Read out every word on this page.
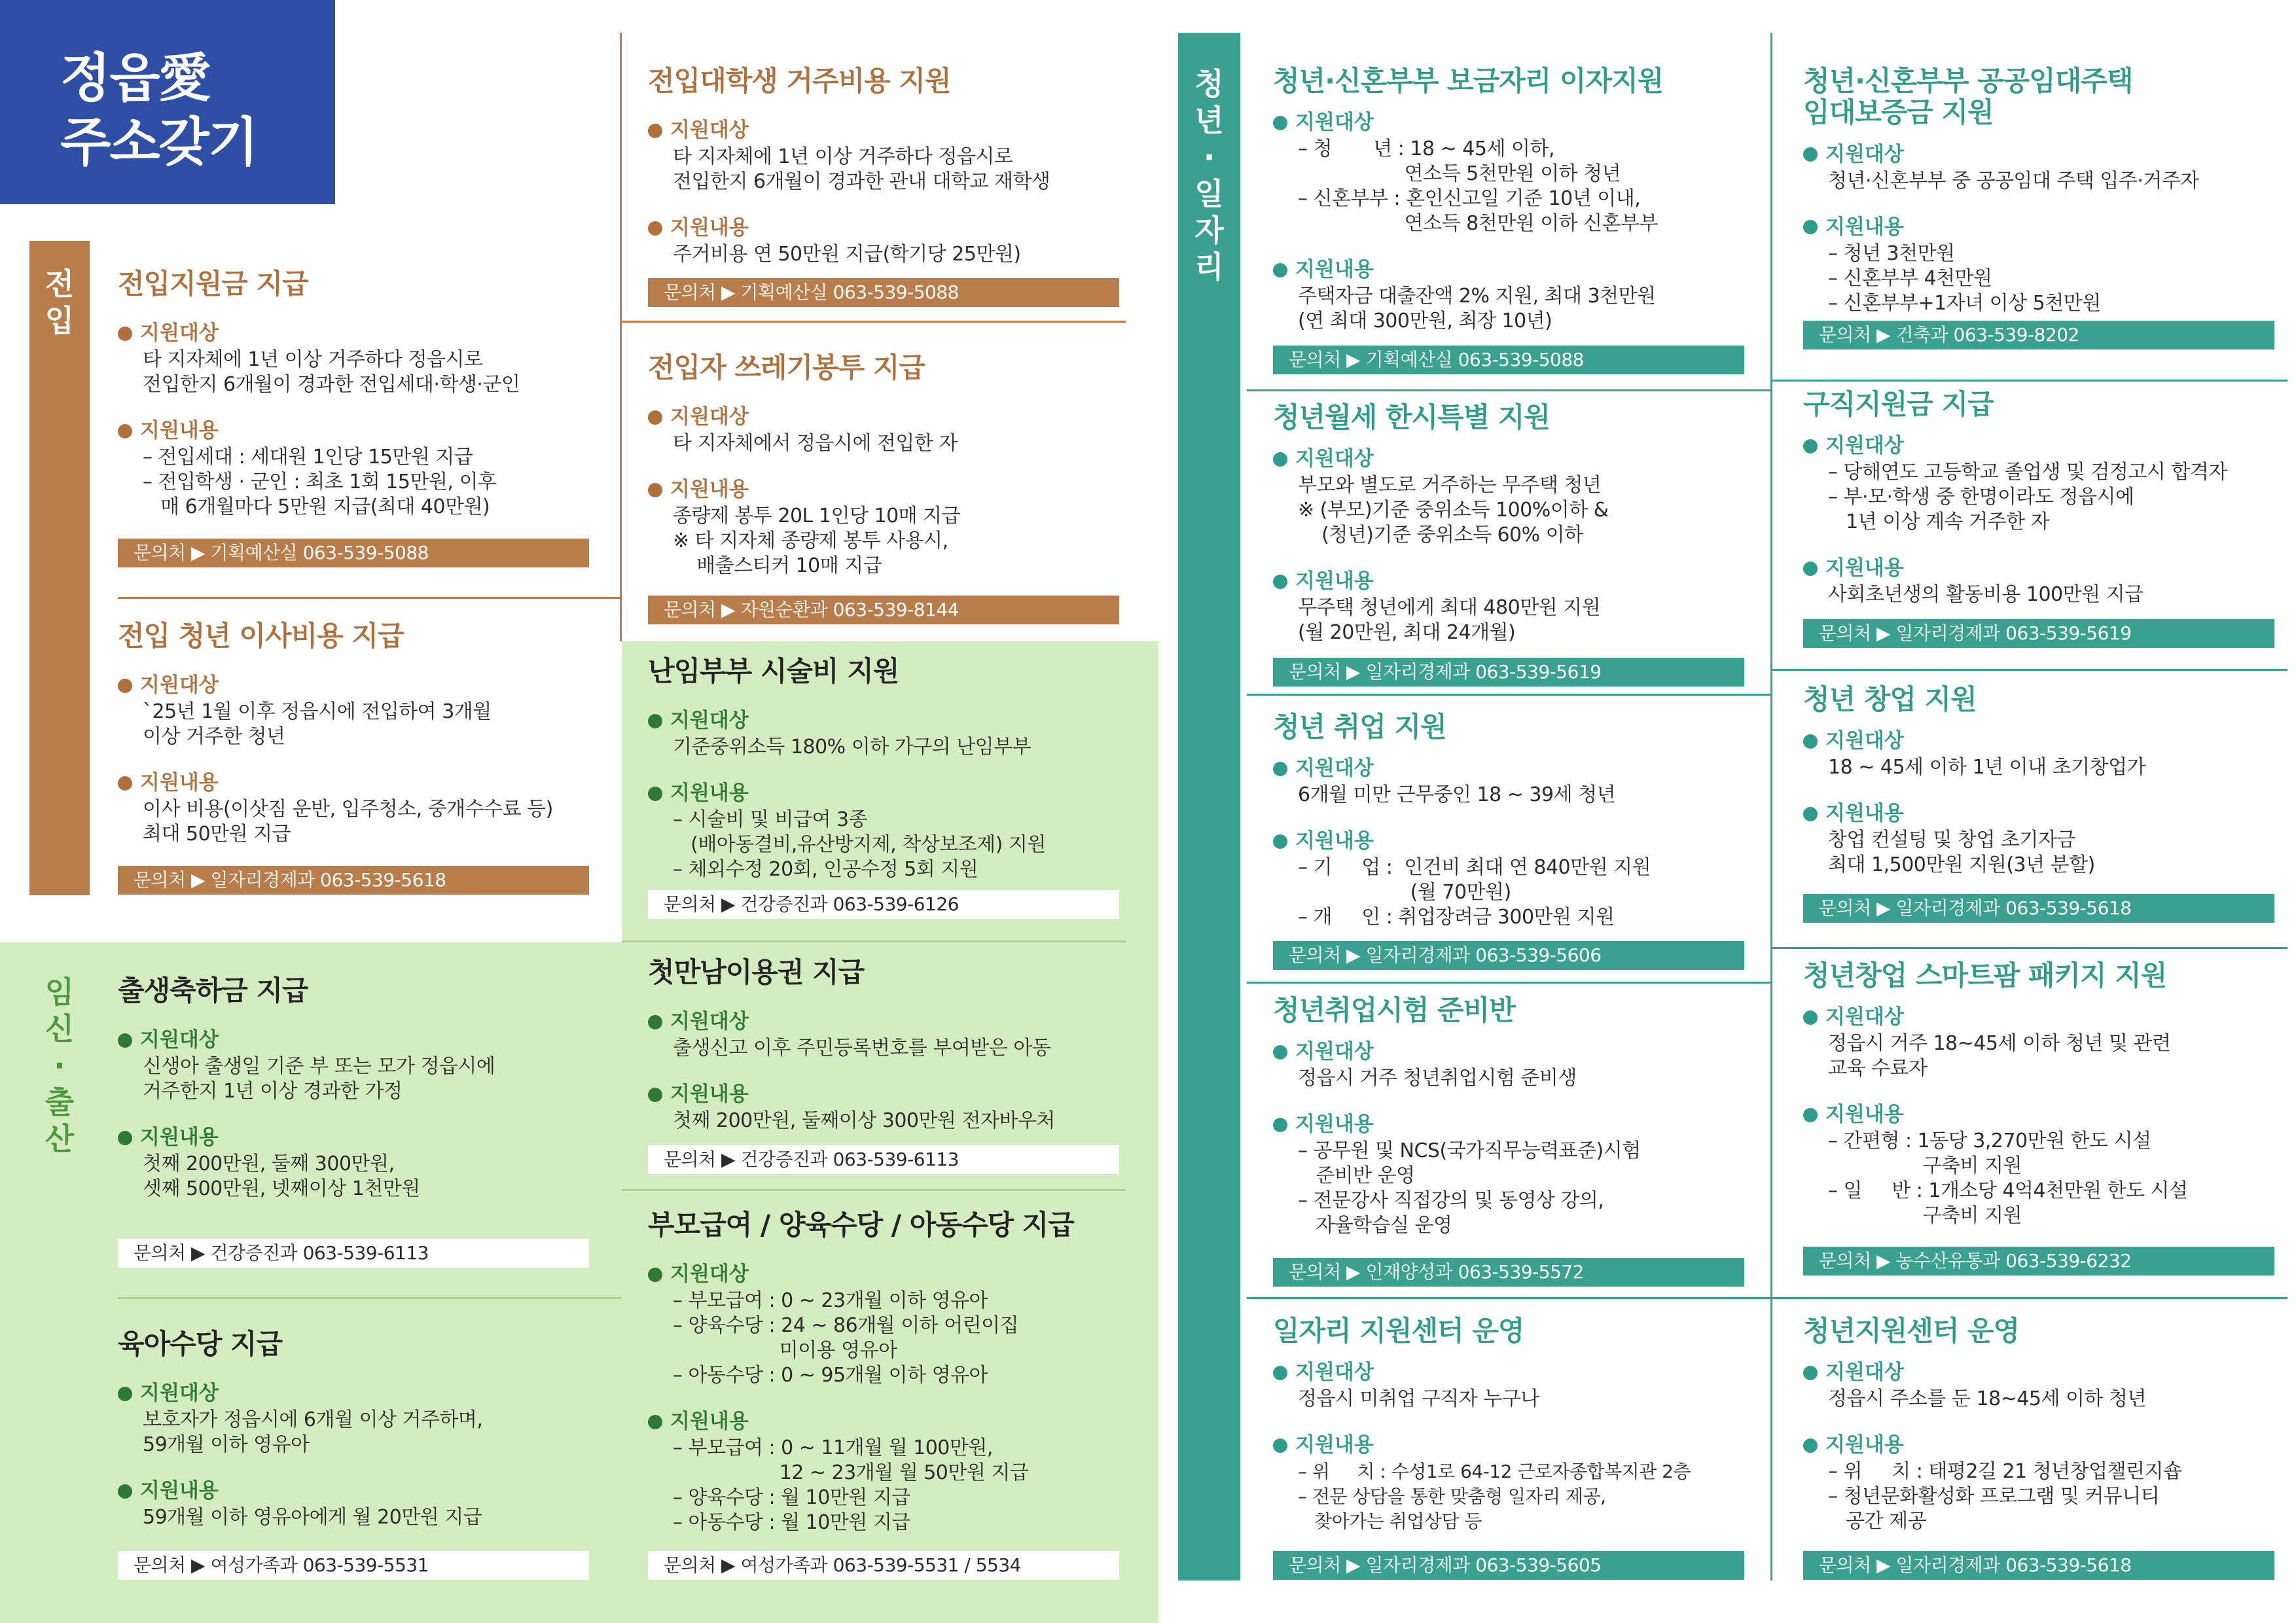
정읍愛
주소갖기
전
입
임
신
·
출
산
청
년
·
일
자
리
전입지원금 지급
지원대상
타 지자체에 1년 이상 거주하다 정읍시로
전입한지 6개월이 경과한 전입세대·학생·군인
지원내용
– 전입세대 : 세대원 1인당 15만원 지급
– 전입학생 · 군인 : 최초 1회 15만원, 이후
매 6개월마다 5만원 지급(최대 40만원)
문의처 ▶ 기획예산실 063-539-5088
전입 청년 이사비용 지급
지원대상
`25년 1월 이후 정읍시에 전입하여 3개월
이상 거주한 청년
지원내용
이사 비용(이삿짐 운반, 입주청소, 중개수수료 등)
최대 50만원 지급
문의처 ▶ 일자리경제과 063-539-5618
출생축하금 지급
지원대상
신생아 출생일 기준 부 또는 모가 정읍시에
거주한지 1년 이상 경과한 가정
지원내용
첫째 200만원, 둘째 300만원,
셋째 500만원, 넷째이상 1천만원
문의처 ▶ 건강증진과 063-539-6113
육아수당 지급
지원대상
보호자가 정읍시에 6개월 이상 거주하며,
59개월 이하 영유아
지원내용
59개월 이하 영유아에게 월 20만원 지급
문의처 ▶ 여성가족과 063-539-5531
전입대학생 거주비용 지원
지원대상
타 지자체에 1년 이상 거주하다 정읍시로
전입한지 6개월이 경과한 관내 대학교 재학생
지원내용
주거비용 연 50만원 지급(학기당 25만원)
문의처 ▶ 기획예산실 063-539-5088
전입자 쓰레기봉투 지급
지원대상
타 지자체에서 정읍시에 전입한 자
지원내용
종량제 봉투 20L 1인당 10매 지급
※ 타 지자체 종량제 봉투 사용시,
배출스티커 10매 지급
문의처 ▶ 자원순환과 063-539-8144
난임부부 시술비 지원
지원대상
기준중위소득 180% 이하 가구의 난임부부
지원내용
– 시술비 및 비급여 3종
(배아동결비,유산방지제, 착상보조제) 지원
– 체외수정 20회, 인공수정 5회 지원
문의처 ▶ 건강증진과 063-539-6126
첫만남이용권 지급
지원대상
출생신고 이후 주민등록번호를 부여받은 아동
지원내용
첫째 200만원, 둘째이상 300만원 전자바우처
문의처 ▶ 건강증진과 063-539-6113
부모급여 / 양육수당 / 아동수당 지급
지원대상
– 부모급여 : 0 ~ 23개월 이하 영유아
– 양육수당 : 24 ~ 86개월 이하 어린이집
미이용 영유아
– 아동수당 : 0 ~ 95개월 이하 영유아
지원내용
– 부모급여 : 0 ~ 11개월 월 100만원,
12 ~ 23개월 월 50만원 지급
– 양육수당 : 월 10만원 지급
– 아동수당 : 월 10만원 지급
문의처 ▶ 여성가족과 063-539-5531 / 5534
청년·신혼부부 보금자리 이자지원
지원대상
– 청       년 : 18 ~ 45세 이하,
연소득 5천만원 이하 청년
– 신혼부부 : 혼인신고일 기준 10년 이내,
연소득 8천만원 이하 신혼부부
지원내용
주택자금 대출잔액 2% 지원, 최대 3천만원
(연 최대 300만원, 최장 10년)
문의처 ▶ 기획예산실 063-539-5088
청년월세 한시특별 지원
지원대상
부모와 별도로 거주하는 무주택 청년
※ (부모)기준 중위소득 100%이하 &
(청년)기준 중위소득 60% 이하
지원내용
무주택 청년에게 최대 480만원 지원
(월 20만원, 최대 24개월)
문의처 ▶ 일자리경제과 063-539-5619
청년 취업 지원
지원대상
6개월 미만 근무중인 18 ~ 39세 청년
지원내용
– 기     업 :  인건비 최대 연 840만원 지원
(월 70만원)
– 개     인 : 취업장려금 300만원 지원
문의처 ▶ 일자리경제과 063-539-5606
청년취업시험 준비반
지원대상
정읍시 거주 청년취업시험 준비생
지원내용
– 공무원 및 NCS(국가직무능력표준)시험
준비반 운영
– 전문강사 직접강의 및 동영상 강의,
자율학습실 운영
문의처 ▶ 인재양성과 063-539-5572
일자리 지원센터 운영
지원대상
정읍시 미취업 구직자 누구나
지원내용
– 위     치 : 수성1로 64-12 근로자종합복지관 2층
– 전문 상담을 통한 맞춤형 일자리 제공,
찾아가는 취업상담 등
문의처 ▶ 일자리경제과 063-539-5605
청년·신혼부부 공공임대주택
임대보증금 지원
지원대상
청년·신혼부부 중 공공임대 주택 입주·거주자
지원내용
– 청년 3천만원
– 신혼부부 4천만원
– 신혼부부+1자녀 이상 5천만원
문의처 ▶ 건축과 063-539-8202
구직지원금 지급
지원대상
– 당해연도 고등학교 졸업생 및 검정고시 합격자
– 부·모·학생 중 한명이라도 정읍시에
1년 이상 계속 거주한 자
지원내용
사회초년생의 활동비용 100만원 지급
문의처 ▶ 일자리경제과 063-539-5619
청년 창업 지원
지원대상
18 ~ 45세 이하 1년 이내 초기창업가
지원내용
창업 컨설팅 및 창업 초기자금
최대 1,500만원 지원(3년 분할)
문의처 ▶ 일자리경제과 063-539-5618
청년창업 스마트팜 패키지 지원
지원대상
정읍시 거주 18~45세 이하 청년 및 관련
교육 수료자
지원내용
– 간편형 : 1동당 3,270만원 한도 시설
구축비 지원
– 일     반 : 1개소당 4억4천만원 한도 시설
구축비 지원
문의처 ▶ 농수산유통과 063-539-6232
청년지원센터 운영
지원대상
정읍시 주소를 둔 18~45세 이하 청년
지원내용
– 위     치 : 태평2길 21 청년창업챌린지숍
– 청년문화활성화 프로그램 및 커뮤니티
공간 제공
문의처 ▶ 일자리경제과 063-539-5618
